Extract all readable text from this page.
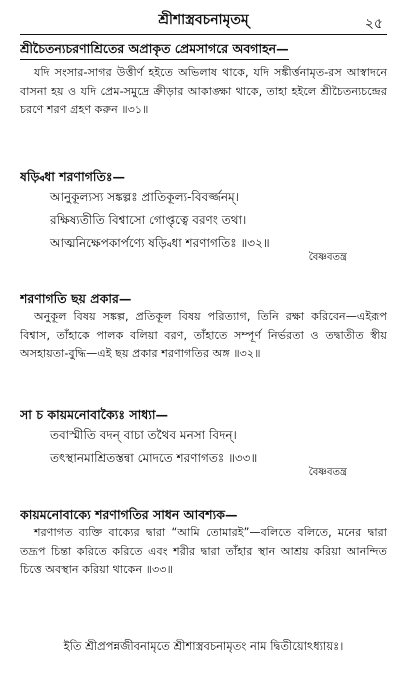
শ্রীশাস্ত্রবচনামৃতম্	২৫
শ্রীচৈতন্যচরণাশ্রিতের অপ্রাকৃত প্রেমসাগরে অবগাহন—

যদি সংসার-সাগর উত্তীর্ণ হইতে অভিলাষ থাকে, যদি সঙ্কীর্ত্তনামৃত-রস আস্বাদনে বাসনা হয় ও যদি প্রেম-সমুদ্রে ক্রীড়ার আকাঙ্ক্ষা থাকে, তাহা হইলে শ্রীচৈতন্যচন্দ্রের চরণে শরণ গ্রহণ করুন ॥৩১॥

ষড়্বিধা শরণাগতিঃ—
আনুকূল্যস্য সঙ্কল্পঃ প্রাতিকূল্য-বিবর্জ্জনম্।
রক্ষিষ্যতীতি বিশ্বাসো গোপ্তৃত্বে বরণং তথা।
আত্মনিক্ষেপকার্পণ্যে ষড়্বিধা শরণাগতিঃ ॥৩২॥
বৈষ্ণবতন্ত্র
শরণাগতি ছয় প্রকার—

অনুকূল বিষয় সঙ্কল্প, প্রতিকূল বিষয় পরিত্যাগ, তিনি রক্ষা করিবেন—এইরূপ বিশ্বাস, তাঁহাকে পালক বলিয়া বরণ, তাঁহাতে সম্পূর্ণ নির্ভরতা ও তদ্বাতীত স্বীয় অসহায়তা-বুদ্ধি—এই ছয় প্রকার শরণাগতির অঙ্গ ॥৩২॥

সা চ কায়মনোবাক্যৈঃ সাধ্যা—
তবাস্মীতি বদন্ বাচা তথৈব মনসা বিদন্।
তৎস্থানমাশ্রিতস্তন্বা মোদতে শরণাগতঃ ॥৩৩॥
বৈষ্ণবতন্ত্র
কায়মনোবাক্যে শরণাগতির সাধন আবশ্যক—

শরণাগত ব্যক্তি বাক্যের দ্বারা “আমি তোমারই”—বলিতে বলিতে, মনের দ্বারা তদ্রূপ চিন্তা করিতে করিতে এবং শরীর দ্বারা তাঁহার স্থান আশ্রয় করিয়া আনন্দিত চিত্তে অবস্থান করিয়া থাকেন ॥৩৩॥

ইতি শ্রীপ্রপন্নজীবনামৃতে শ্রীশাস্ত্রবচনামৃতং নাম দ্বিতীয়োঽধ্যায়ঃ।
